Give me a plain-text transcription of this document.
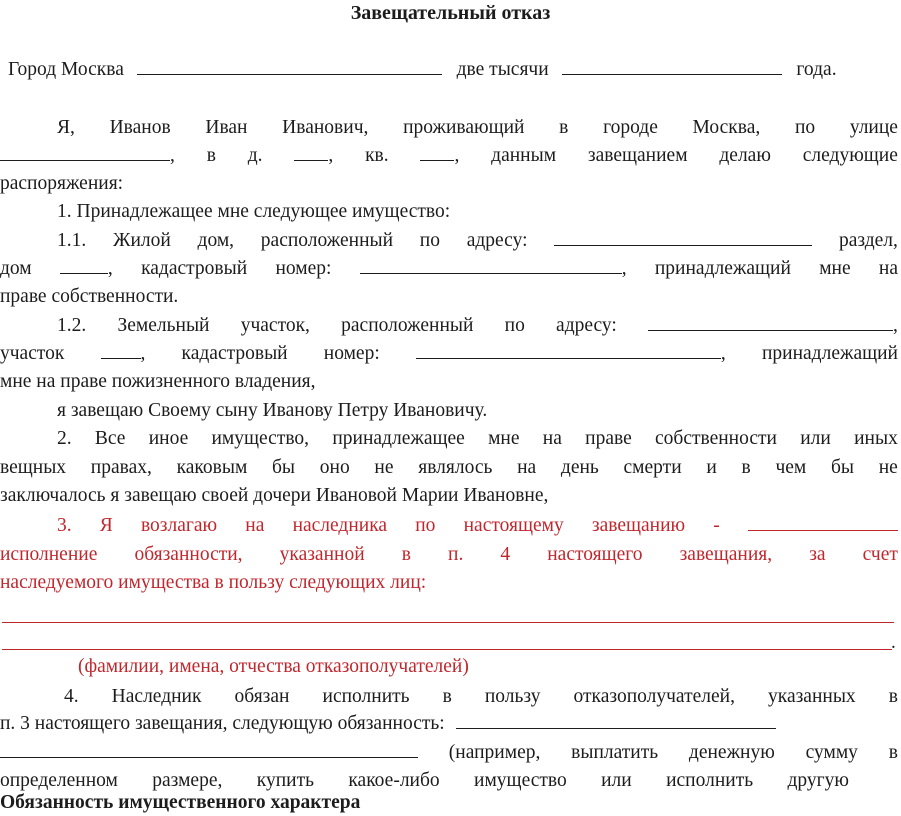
Завещательный отказ
Город Москва	две тысячи	года.
Я, Иванов Иван Иванович, проживающий в городе Москва, по улице
, в д.	, кв.	, данным завещанием делаю следующие
распоряжения:
1. Принадлежащее мне следующее имущество:
1.1. Жилой дом, расположенный по адресу:	раздел,
дом	, кадастровый номер:	, принадлежащий мне на
праве собственности.
1.2. Земельный участок, расположенный по адресу:	,
участок	, кадастровый номер:	, принадлежащий
мне на праве пожизненного владения,
я завещаю Своему сыну Иванову Петру Ивановичу.
2. Все иное имущество, принадлежащее мне на праве собственности или иных
вещных правах, каковым бы оно не являлось на день смерти и в чем бы не
заключалось я завещаю своей дочери Ивановой Марии Ивановне,
3. Я возлагаю на наследника по настоящему завещанию -
исполнение обязанности, указанной в п. 4 настоящего завещания, за счет
наследуемого имущества в пользу следующих лиц:
.
(фамилии, имена, отчества отказополучателей)
4. Наследник обязан исполнить в пользу отказополучателей, указанных в
п. 3 настоящего завещания, следующую обязанность:
(например, выплатить денежную сумму в
определенном размере, купить какое-либо имущество или исполнить другую
Обязанность имущественного характера
